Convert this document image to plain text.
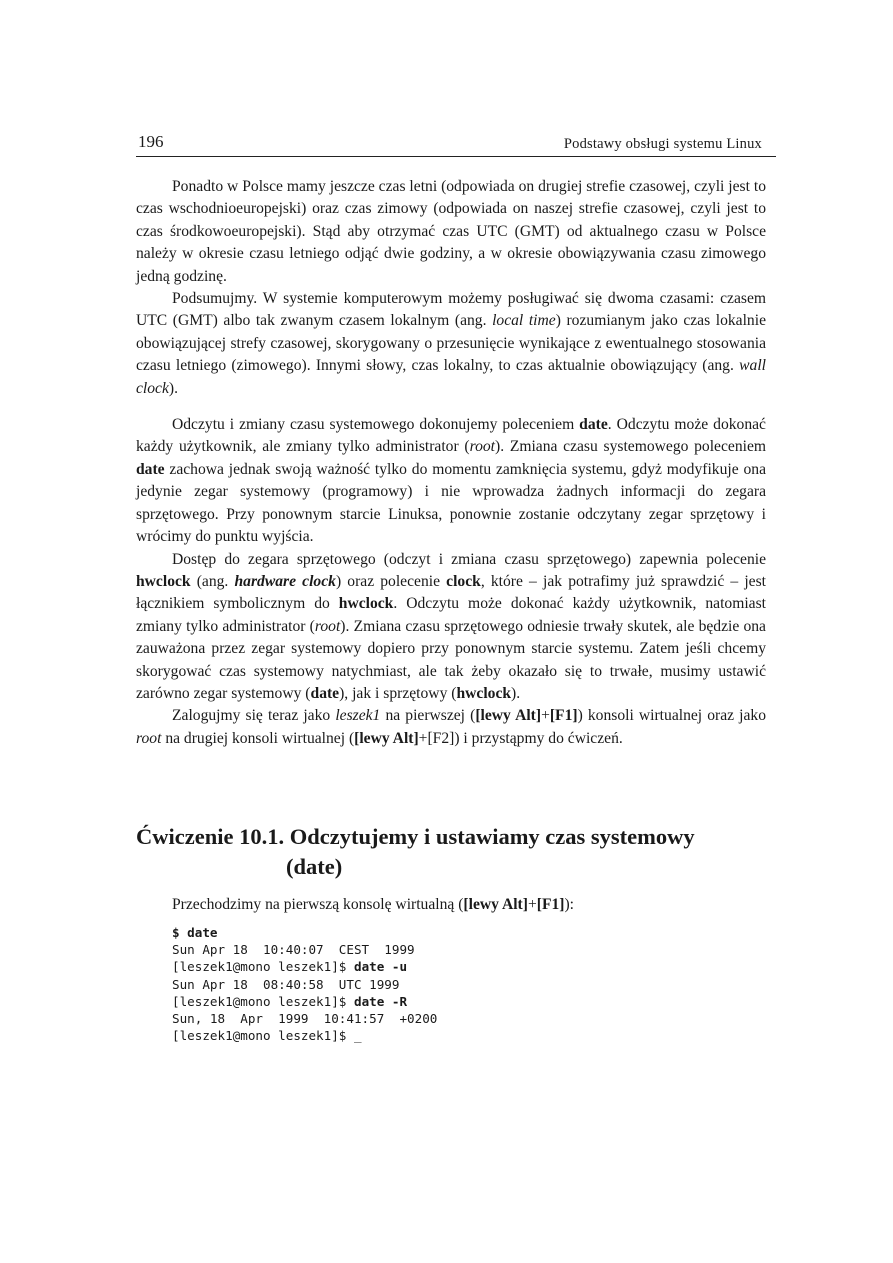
196	Podstawy obsługi systemu Linux

Ponadto w Polsce mamy jeszcze czas letni (odpowiada on drugiej strefie czasowej, czyli jest to czas wschodnioeuropejski) oraz czas zimowy (odpowiada on naszej strefie czasowej, czyli jest to czas środkowoeuropejski). Stąd aby otrzymać czas UTC (GMT) od aktualnego czasu w Polsce należy w okresie czasu letniego odjąć dwie godziny, a w okresie obowiązywania czasu zimowego jedną godzinę.

Podsumujmy. W systemie komputerowym możemy posługiwać się dwoma czasami: czasem UTC (GMT) albo tak zwanym czasem lokalnym (ang. local time) rozumianym jako czas lokalnie obowiązującej strefy czasowej, skorygowany o przesunięcie wynikające z ewentualnego stosowania czasu letniego (zimowego). Innymi słowy, czas lokalny, to czas aktualnie obowiązujący (ang. wall clock).

Odczytu i zmiany czasu systemowego dokonujemy poleceniem date. Odczytu może dokonać każdy użytkownik, ale zmiany tylko administrator (root). Zmiana czasu systemowego poleceniem date zachowa jednak swoją ważność tylko do momentu zamknięcia systemu, gdyż modyfikuje ona jedynie zegar systemowy (programowy) i nie wprowadza żadnych informacji do zegara sprzętowego. Przy ponownym starcie Linuksa, ponownie zostanie odczytany zegar sprzętowy i wrócimy do punktu wyjścia.

Dostęp do zegara sprzętowego (odczyt i zmiana czasu sprzętowego) zapewnia polecenie hwclock (ang. hardware clock) oraz polecenie clock, które – jak potrafimy już sprawdzić – jest łącznikiem symbolicznym do hwclock. Odczytu może dokonać każdy użytkownik, natomiast zmiany tylko administrator (root). Zmiana czasu sprzętowego odniesie trwały skutek, ale będzie ona zauważona przez zegar systemowy dopiero przy ponownym starcie systemu. Zatem jeśli chcemy skorygować czas systemowy natychmiast, ale tak żeby okazało się to trwałe, musimy ustawić zarówno zegar systemowy (date), jak i sprzętowy (hwclock).

Zalogujmy się teraz jako leszek1 na pierwszej ([lewy Alt]+[F1]) konsoli wirtualnej oraz jako root na drugiej konsoli wirtualnej ([lewy Alt]+[F2]) i przystąpmy do ćwiczeń.

Ćwiczenie 10.1. Odczytujemy i ustawiamy czas systemowy
(date)
Przechodzimy na pierwszą konsolę wirtualną ([lewy Alt]+[F1]):
$ date
Sun Apr 18  10:40:07  CEST  1999
[leszek1@mono leszek1]$ date -u
Sun Apr 18  08:40:58  UTC 1999
[leszek1@mono leszek1]$ date -R
Sun, 18  Apr  1999  10:41:57  +0200
[leszek1@mono leszek1]$ _
